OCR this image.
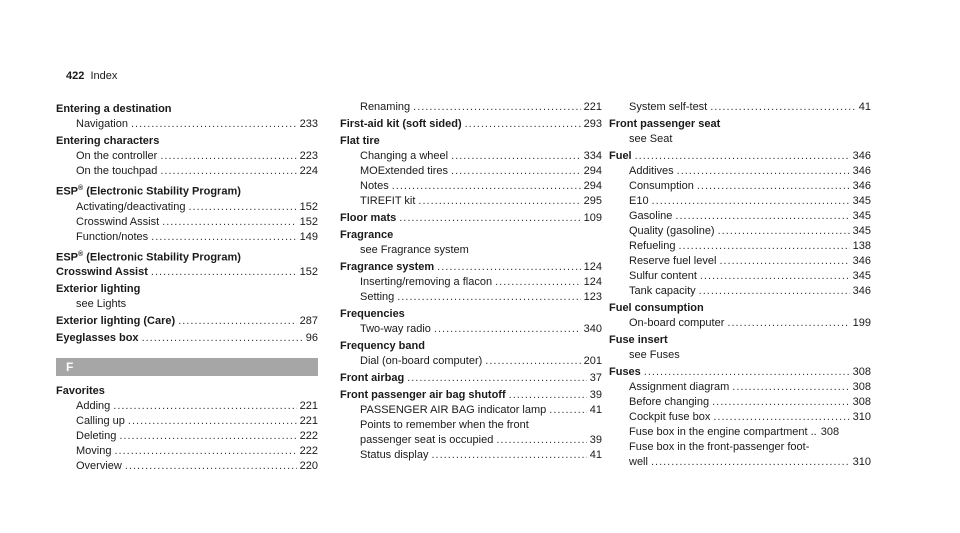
422 Index
Entering a destination
Navigation .....	233
Entering characters
On the controller .....	223
On the touchpad .....	224
ESP® (Electronic Stability Program)
Activating/deactivating .....	152
Crosswind Assist .....	152
Function/notes .....	149
ESP® (Electronic Stability Program)
Crosswind Assist .....	152
Exterior lighting
see Lights
Exterior lighting (Care) .....	287
Eyeglasses box .....	96
F
Favorites
Adding .....	221
Calling up .....	221
Deleting .....	222
Moving .....	222
Overview .....	220
Renaming .....	221
First-aid kit (soft sided) .....	293
Flat tire
Changing a wheel .....	334
MOExtended tires .....	294
Notes .....	294
TIREFIT kit .....	295
Floor mats .....	109
Fragrance
see Fragrance system
Fragrance system .....	124
Inserting/removing a flacon .....	124
Setting .....	123
Frequencies
Two-way radio .....	340
Frequency band
Dial (on-board computer) .....	201
Front airbag .....	37
Front passenger air bag shutoff .....	39
PASSENGER AIR BAG indicator lamp .....	41
Points to remember when the front
passenger seat is occupied .....	39
Status display .....	41
System self-test .....	41
Front passenger seat
see Seat
Fuel .....	346
Additives .....	346
Consumption .....	346
E10 .....	345
Gasoline .....	345
Quality (gasoline) .....	345
Refueling .....	138
Reserve fuel level .....	346
Sulfur content .....	345
Tank capacity .....	346
Fuel consumption
On-board computer .....	199
Fuse insert
see Fuses
Fuses .....	308
Assignment diagram .....	308
Before changing .....	308
Cockpit fuse box .....	310
Fuse box in the engine compartment .. 308
Fuse box in the front-passenger foot-
well .....	310
